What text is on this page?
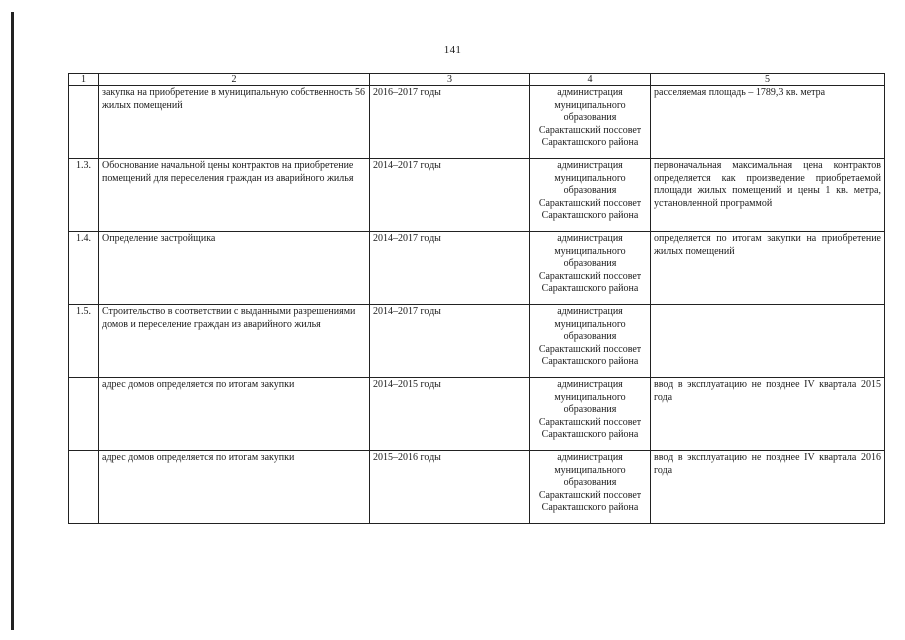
141
1	2	3	4	5
	закупка на приобретение в муниципальную собственность 56 жилых помещений	2016–2017 годы	администрация
муниципального
образования
Саракташский поссовет
Саракташского района	расселяемая площадь – 1789,3 кв. метра
1.3.	Обоснование начальной цены контрактов на приобретение помещений для переселения граждан из аварийного жилья	2014–2017 годы	администрация
муниципального
образования
Саракташский поссовет
Саракташского района	первоначальная максимальная цена контрактов определяется как произведение приобретаемой площади жилых помещений и цены 1 кв. метра, установленной программой
1.4.	Определение застройщика	2014–2017 годы	администрация
муниципального
образования
Саракташский поссовет
Саракташского района	определяется по итогам закупки на приобретение жилых помещений
1.5.	Строительство в соответствии с выданными разрешениями домов и переселение граждан из аварийного жилья	2014–2017 годы	администрация
муниципального
образования
Саракташский поссовет
Саракташского района	

	адрес домов определяется по итогам закупки	2014–2015 годы	администрация
муниципального
образования
Саракташский поссовет
Саракташского района	ввод в эксплуатацию не позднее IV квартала 2015 года
	адрес домов определяется по итогам закупки	2015–2016 годы	администрация
муниципального
образования
Саракташский поссовет
Саракташского района	ввод в эксплуатацию не позднее IV квартала 2016 года
